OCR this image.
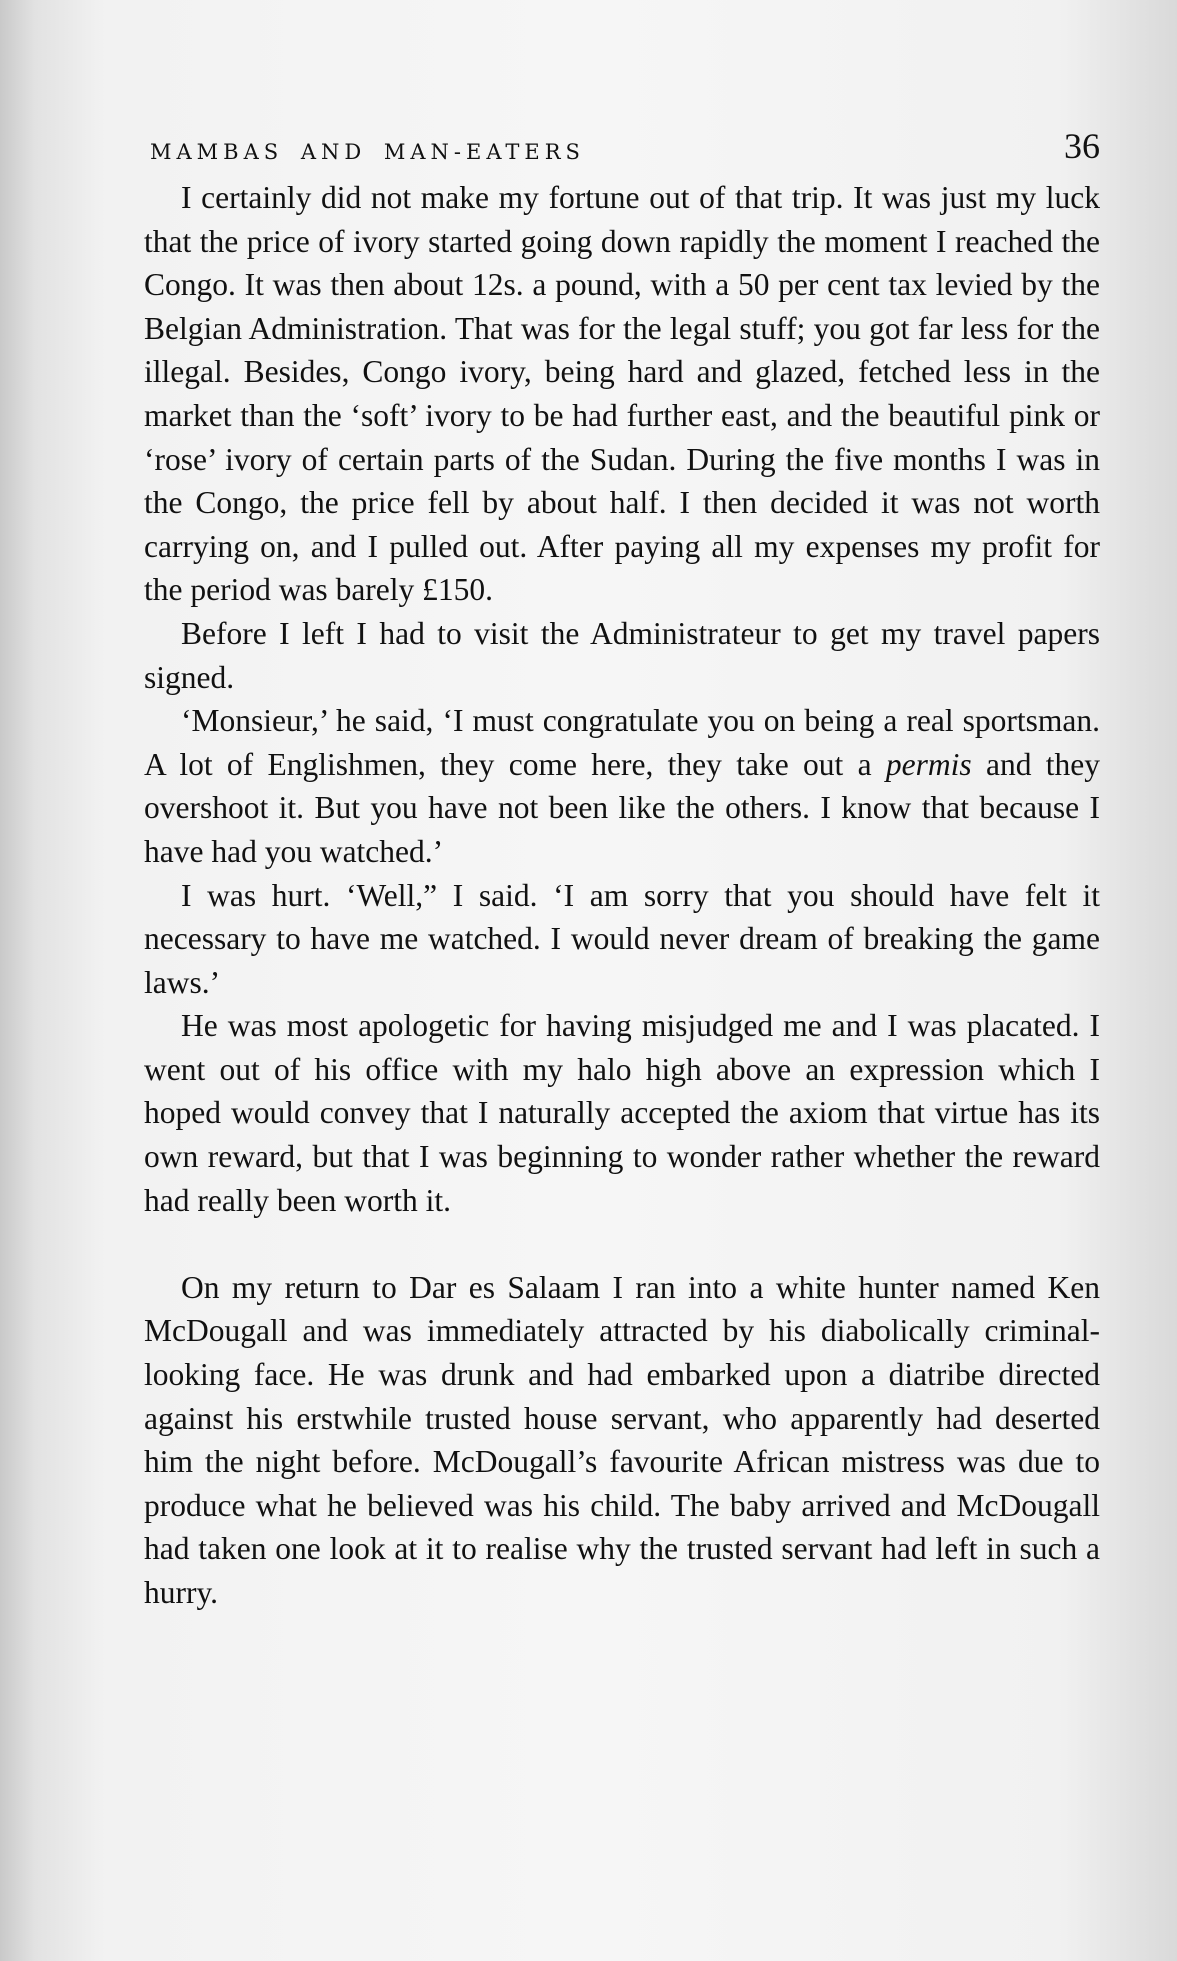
MAMBAS AND MAN-EATERS	36

I certainly did not make my fortune out of that trip. It was just my luck that the price of ivory started going down rapidly the moment I reached the Congo. It was then about 12s. a pound, with a 50 per cent tax levied by the Belgian Administration. That was for the legal stuff; you got far less for the illegal. Besides, Congo ivory, being hard and glazed, fetched less in the market than the ‘soft’ ivory to be had further east, and the beautiful pink or ‘rose’ ivory of certain parts of the Sudan. During the five months I was in the Congo, the price fell by about half. I then decided it was not worth carrying on, and I pulled out. After paying all my expenses my profit for the period was barely £150.

Before I left I had to visit the Administrateur to get my travel papers signed.

‘Monsieur,’ he said, ‘I must congratulate you on being a real sportsman. A lot of Englishmen, they come here, they take out a permis and they overshoot it. But you have not been like the others. I know that because I have had you watched.’

I was hurt. ‘Well,” I said. ‘I am sorry that you should have felt it necessary to have me watched. I would never dream of breaking the game laws.’

He was most apologetic for having misjudged me and I was placated. I went out of his office with my halo high above an expression which I hoped would convey that I naturally accepted the axiom that virtue has its own reward, but that I was beginning to wonder rather whether the reward had really been worth it.

On my return to Dar es Salaam I ran into a white hunter named Ken McDougall and was immediately attracted by his diabolically criminal-looking face. He was drunk and had embarked upon a diatribe directed against his erstwhile trusted house servant, who apparently had deserted him the night before. McDougall’s favourite African mistress was due to produce what he believed was his child. The baby arrived and McDougall had taken one look at it to realise why the trusted servant had left in such a hurry.
